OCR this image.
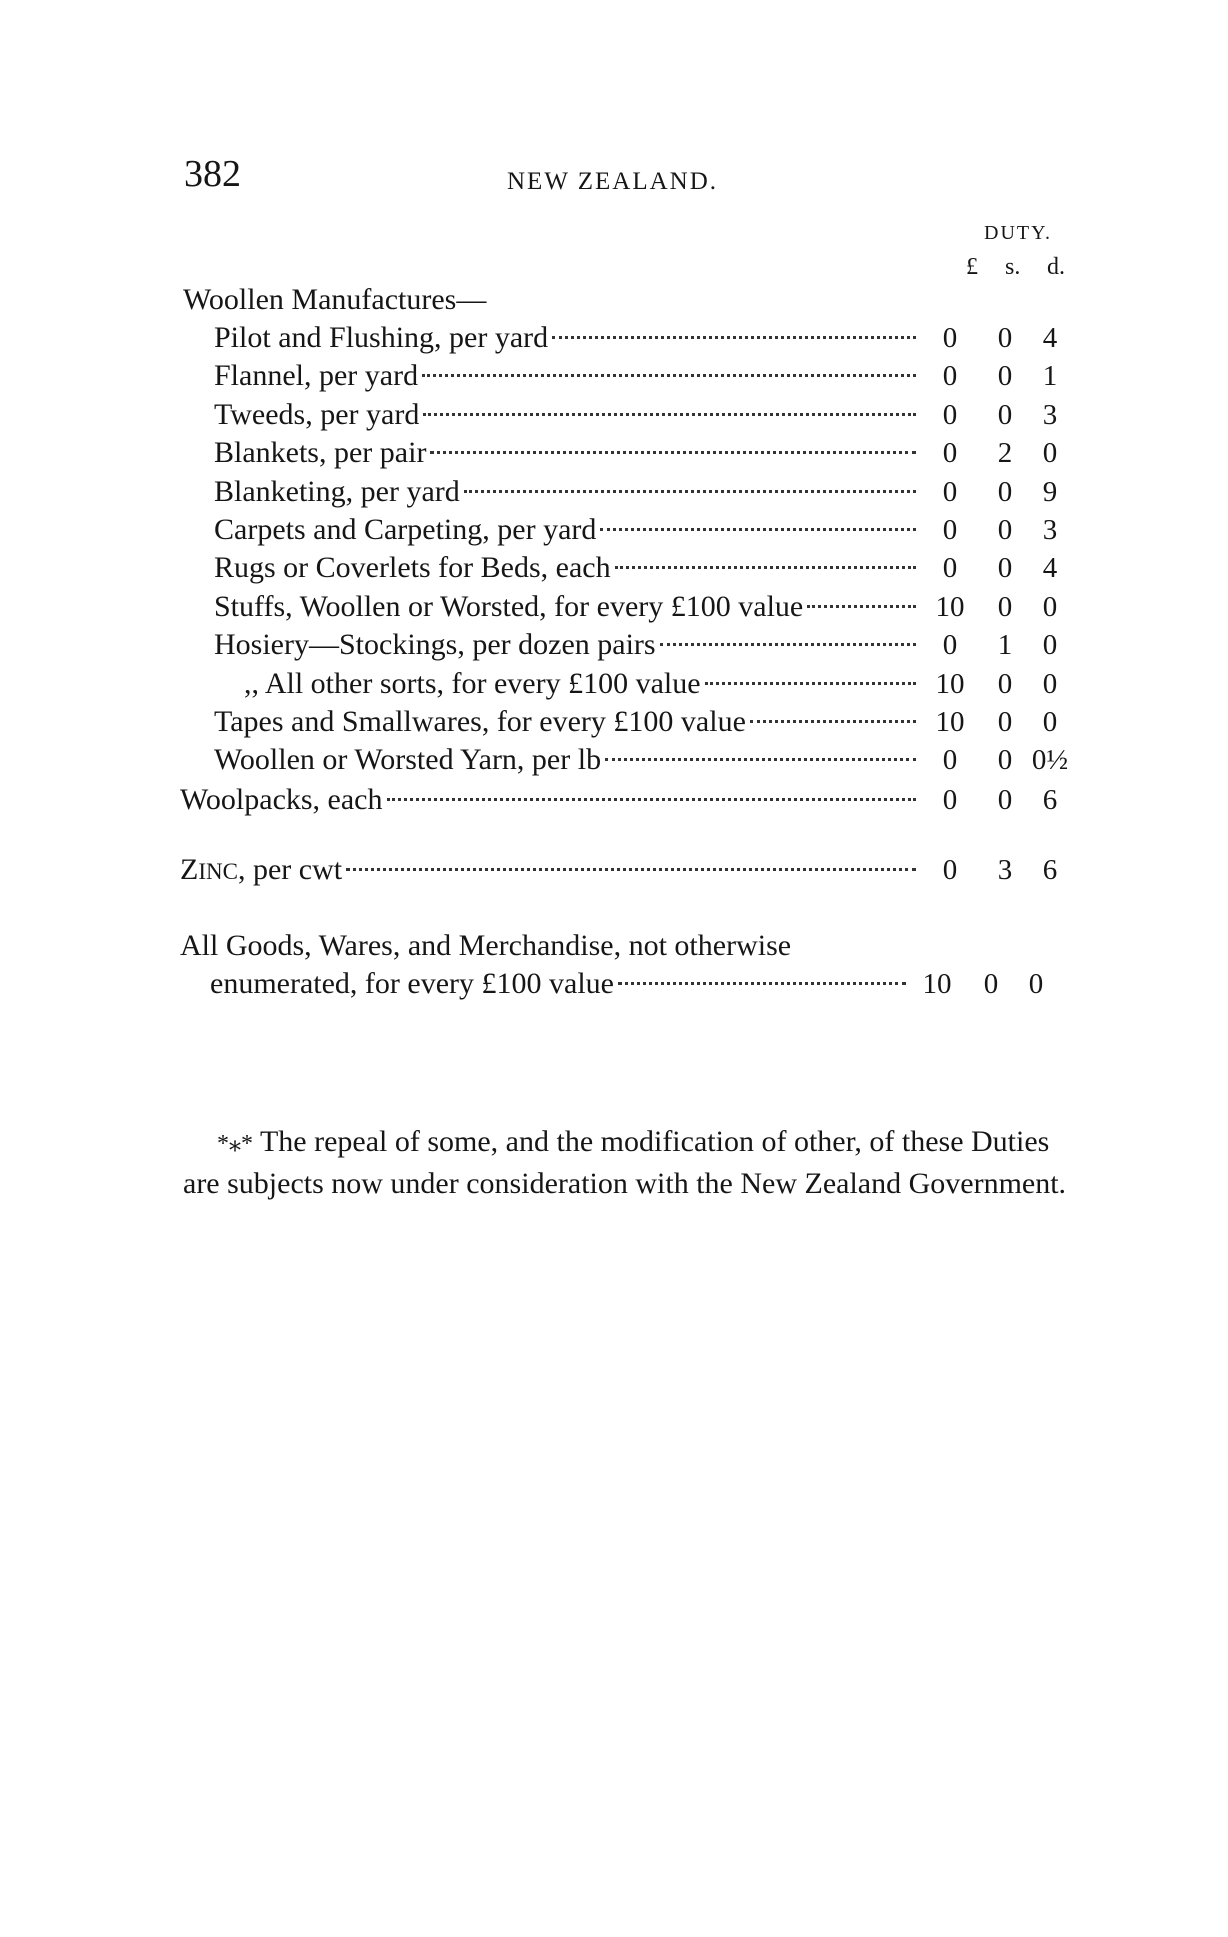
382	NEW ZEALAND.
DUTY.
£ s. d.
Woollen Manufactures—
Pilot and Flushing, per yard	0	0	4
Flannel, per yard	0	0	1
Tweeds, per yard	0	0	3
Blankets, per pair	0	2	0
Blanketing, per yard	0	0	9
Carpets and Carpeting, per yard	0	0	3
Rugs or Coverlets for Beds, each	0	0	4
Stuffs, Woollen or Worsted, for every £100 value	10	0	0
Hosiery—Stockings, per dozen pairs	0	1	0
,, All other sorts, for every £100 value	10	0	0
Tapes and Smallwares, for every £100 value	10	0	0
Woollen or Worsted Yarn, per lb	0	0 0½
Woolpacks, each	0	0	6
ZINC, per cwt	0	3	6
All Goods, Wares, and Merchandise, not otherwise
enumerated, for every £100 value	10	0	0
*⁎* The repeal of some, and the modification of other, of these Duties are subjects now under consideration with the New Zealand Government.
